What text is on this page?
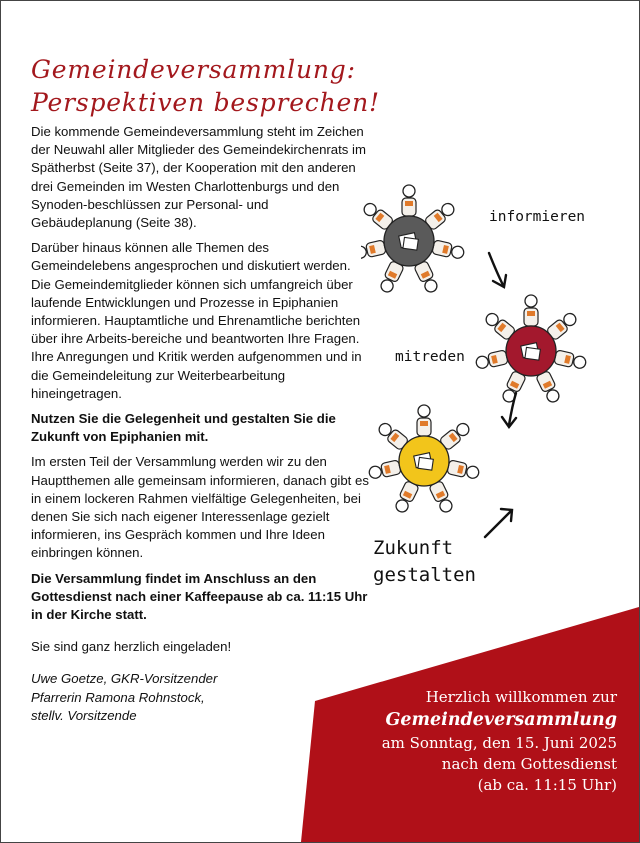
Gemeindeversammlung:
Perspektiven besprechen!

Die kommende Gemeindeversammlung steht im Zeichen der Neuwahl aller Mitglieder des Gemeindekirchenrats im Spätherbst (Seite 37), der Kooperation mit den anderen drei Gemeinden im Westen Charlottenburgs und den Synoden-beschlüssen zur Personal- und Gebäudeplanung (Seite 38).

Darüber hinaus können alle Themen des Gemeindelebens angesprochen und diskutiert werden. Die Gemeindemitglieder können sich umfangreich über laufende Entwicklungen und Prozesse in Epiphanien informieren. Hauptamtliche und Ehrenamtliche berichten über ihre Arbeits-bereiche und beantworten Ihre Fragen. Ihre Anregungen und Kritik werden aufgenommen und in die Gemeindeleitung zur Weiterbearbeitung hineingetragen.

Nutzen Sie die Gelegenheit und gestalten Sie die Zukunft von Epiphanien mit.

Im ersten Teil der Versammlung werden wir zu den Hauptthemen alle gemeinsam informieren, danach gibt es in einem lockeren Rahmen vielfältige Gelegenheiten, bei denen Sie sich nach eigener Interessenlage gezielt informieren, ins Gespräch kommen und Ihre Ideen einbringen können.

Die Versammlung findet im Anschluss an den Gottesdienst nach einer Kaffeepause ab ca. 11:15 Uhr in der Kirche statt.

Sie sind ganz herzlich eingeladen!

Uwe Goetze, GKR-Vorsitzender
Pfarrerin Ramona Rohnstock,
stellv. Vorsitzende

informieren
mitreden
Zukunft
gestalten
Herzlich willkommen zur
Gemeindeversammlung
am Sonntag, den 15. Juni 2025
nach dem Gottesdienst
(ab ca. 11:15 Uhr)
